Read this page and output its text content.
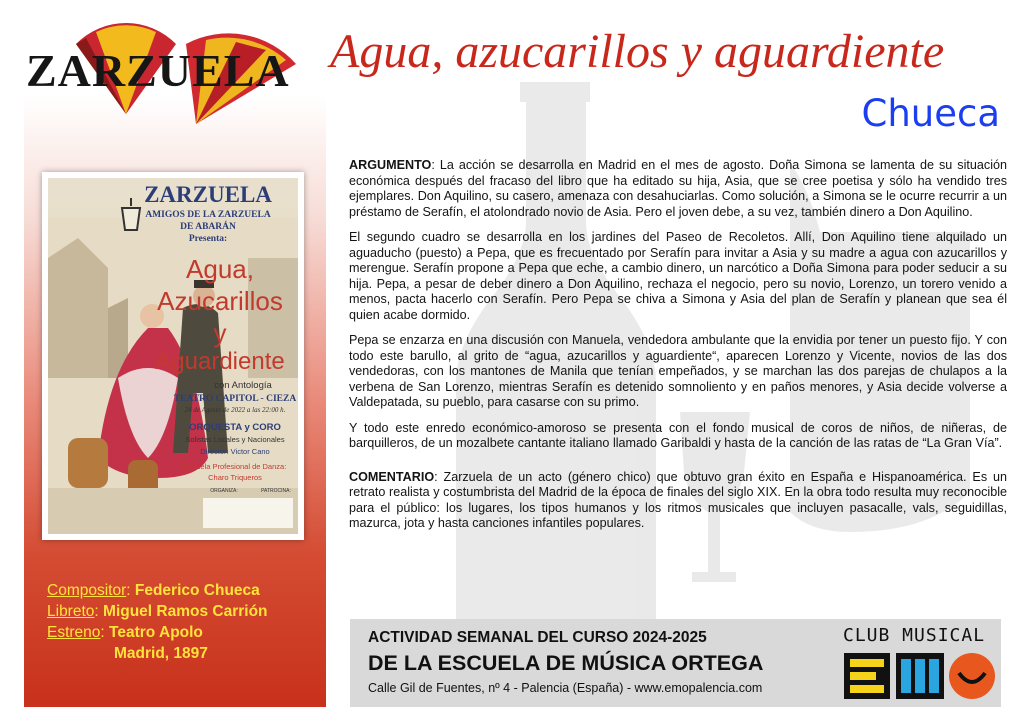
ZARZUELA Agua, azucarillos y aguardiente
Chueca
ZARZUELA
AMIGOS DE LA ZARZUELA
DE ABARÁN
Presenta:
Agua,
Azucarillos
y
Aguardiente
con Antología
TEATRO CAPITOL - CIEZA
24 de Agosto de 2022 a las 22:00 h.
ORQUESTA y CORO
Solistas Locales y Nacionales
Director: Victor Cano
Escuela Profesional de Danza:
Charo Triqueros
ORGANIZA:	PATROCINA:

ARGUMENTO: La acción se desarrolla en Madrid en el mes de agosto. Doña Simona se lamenta de su situación económica después del fracaso del libro que ha editado su hija, Asia, que se cree poetisa y sólo ha vendido tres ejemplares. Don Aquilino, su casero, amenaza con desahuciarlas. Como solución, a Simona se le ocurre recurrir a un préstamo de Serafín, el atolondrado novio de Asia. Pero el joven debe, a su vez, también dinero a Don Aquilino.

El segundo cuadro se desarrolla en los jardines del Paseo de Recoletos. Allí, Don Aquilino tiene alquilado un aguaducho (puesto) a Pepa, que es frecuentado por Serafín para invitar a Asia y su madre a agua con azucarillos y merengue. Serafín propone a Pepa que eche, a cambio dinero, un narcótico a Doña Simona para poder seducir a su hija. Pepa, a pesar de deber dinero a Don Aquilino, rechaza el negocio, pero su novio, Lorenzo, un torero venido a menos, pacta hacerlo con Serafín. Pero Pepa se chiva a Simona y Asia del plan de Serafín y planean que sea él quien acabe dormido.

Pepa se enzarza en una discusión con Manuela, vendedora ambulante que la envidia por tener un puesto fijo. Y con todo este barullo, al grito de “agua, azucarillos y aguardiente“, aparecen Lorenzo y Vicente, novios de las dos vendedoras, con los mantones de Manila que tenían empeñados, y se marchan las dos parejas de chulapos a la verbena de San Lorenzo, mientras Serafín es detenido somnoliento y en paños menores, y Asia decide volverse a Valdepatada, su pueblo, para casarse con su primo.

Y todo este enredo económico-amoroso se presenta con el fondo musical de coros de niños, de niñeras, de barquilleros, de un mozalbete cantante italiano llamado Garibaldi y hasta de la canción de las ratas de “La Gran Vía”.

COMENTARIO: Zarzuela de un acto (género chico) que obtuvo gran éxito en España e Hispanoamérica. Es un retrato realista y costumbrista del Madrid de la época de finales del siglo XIX. En la obra todo resulta muy reconocible para el público: los lugares, los tipos humanos y los ritmos musicales que incluyen pasacalle, vals, seguidillas, mazurca, jota y hasta canciones infantiles populares.

Compositor: Federico Chueca
Libreto: Miguel Ramos Carrión
Estreno: Teatro Apolo
Madrid, 1897
ACTIVIDAD SEMANAL DEL CURSO 2024-2025
DE LA ESCUELA DE MÚSICA ORTEGA
Calle Gil de Fuentes, nº 4 - Palencia (España) - www.emopalencia.com
CLUB MUSICAL
